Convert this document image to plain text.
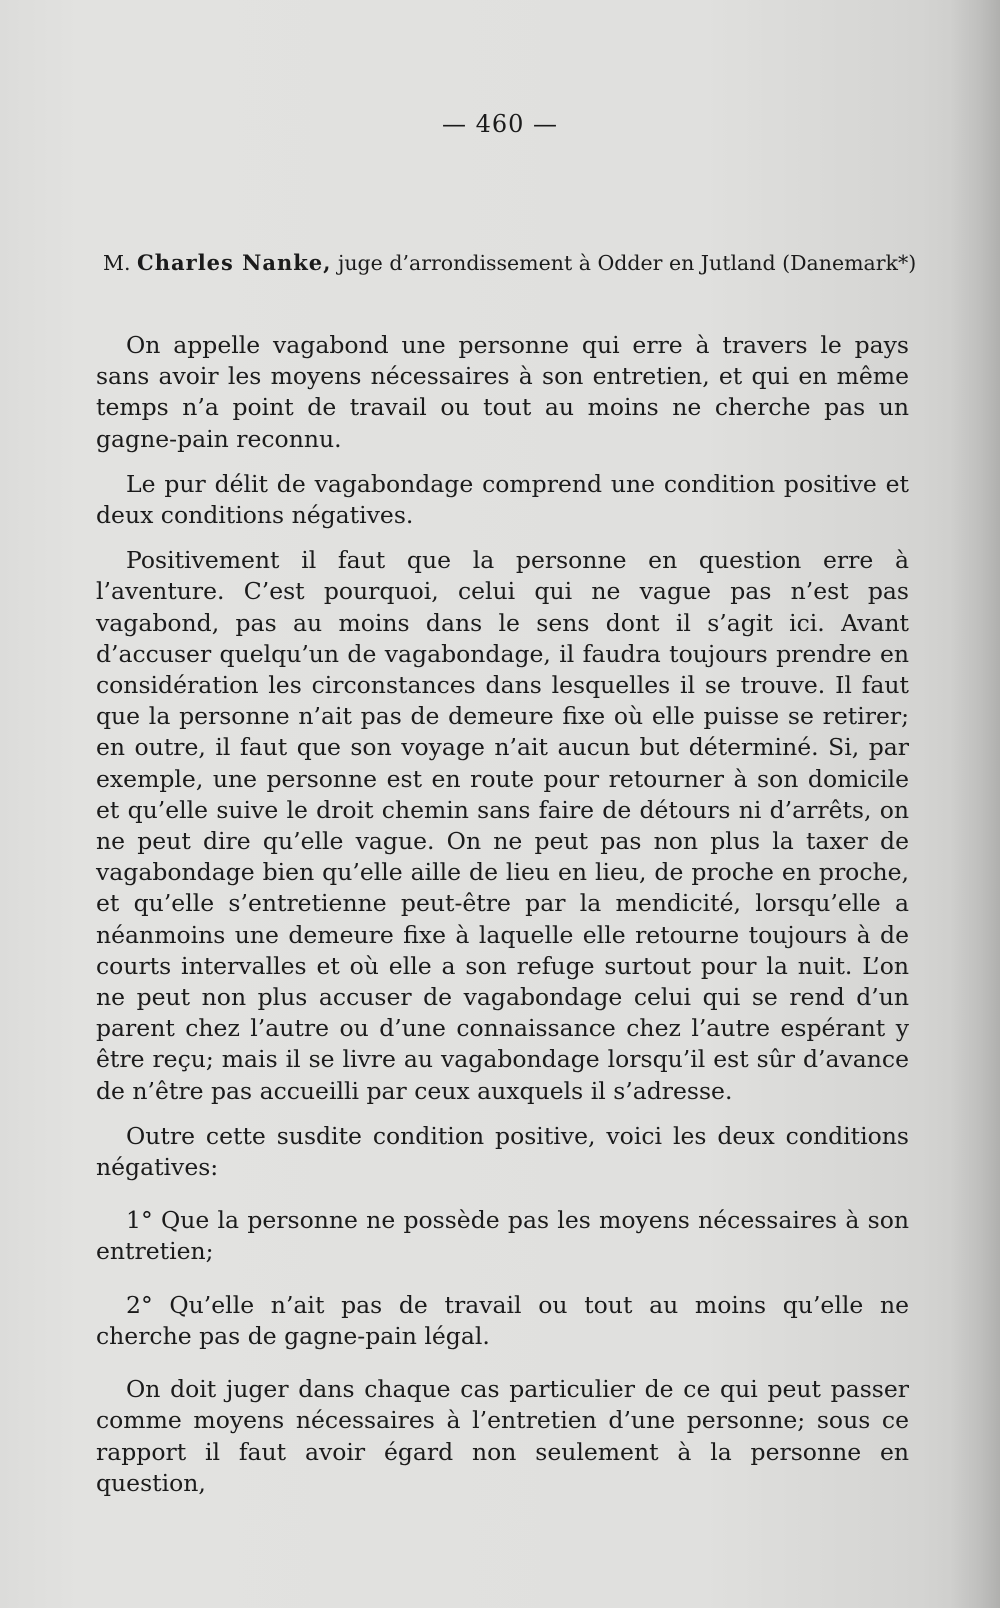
— 460 —
M. Charles Nanke, juge d’arrondissement à Odder en Jutland (Danemark*)

On appelle vagabond une personne qui erre à travers le pays sans avoir les moyens nécessaires à son entretien, et qui en même temps n’a point de travail ou tout au moins ne cherche pas un gagne-pain reconnu.

Le pur délit de vagabondage comprend une condition positive et deux conditions négatives.

Positivement il faut que la personne en question erre à l’aventure. C’est pourquoi, celui qui ne vague pas n’est pas vagabond, pas au moins dans le sens dont il s’agit ici. Avant d’accuser quelqu’un de vagabondage, il faudra toujours prendre en considération les circonstances dans lesquelles il se trouve. Il faut que la personne n’ait pas de demeure fixe où elle puisse se retirer; en outre, il faut que son voyage n’ait aucun but déterminé. Si, par exemple, une personne est en route pour retourner à son domicile et qu’elle suive le droit chemin sans faire de détours ni d’arrêts, on ne peut dire qu’elle vague. On ne peut pas non plus la taxer de vagabondage bien qu’elle aille de lieu en lieu, de proche en proche, et qu’elle s’entretienne peut-être par la mendicité, lorsqu’elle a néanmoins une demeure fixe à laquelle elle retourne toujours à de courts intervalles et où elle a son refuge surtout pour la nuit. L’on ne peut non plus accuser de vagabondage celui qui se rend d’un parent chez l’autre ou d’une connaissance chez l’autre espérant y être reçu; mais il se livre au vagabondage lorsqu’il est sûr d’avance de n’être pas accueilli par ceux auxquels il s’adresse.

Outre cette susdite condition positive, voici les deux conditions négatives:

1° Que la personne ne possède pas les moyens nécessaires à son entretien;

2° Qu’elle n’ait pas de travail ou tout au moins qu’elle ne cherche pas de gagne-pain légal.

On doit juger dans chaque cas particulier de ce qui peut passer comme moyens nécessaires à l’entretien d’une personne; sous ce rapport il faut avoir égard non seulement à la personne en question,
